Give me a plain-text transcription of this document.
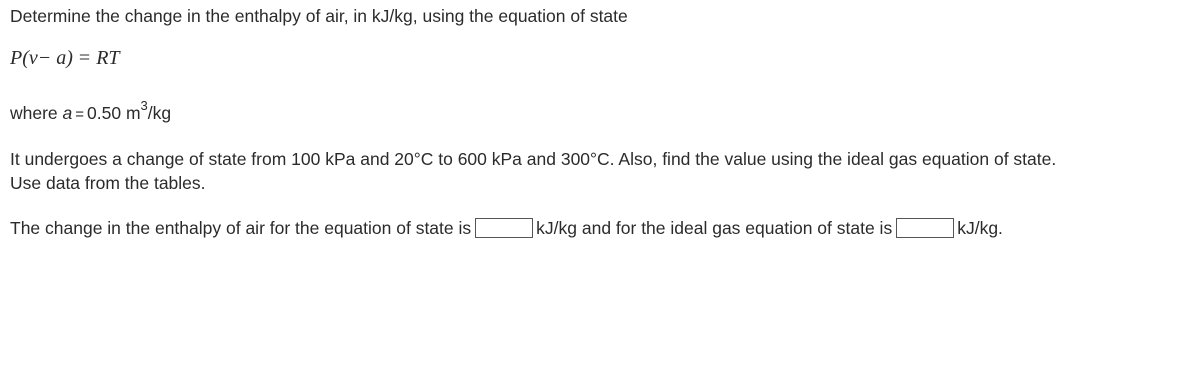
Determine the change in the enthalpy of air, in kJ/kg, using the equation of state
P(v− a) = RT
where a = 0.50 $m^3/kg$
It undergoes a change of state from 100 kPa and 20°C to 600 kPa and 300°C. Also, find the value using the ideal gas equation of state.
Use data from the tables.
The change in the enthalpy of air for the equation of state is	kJ/kg and for the ideal gas equation of state is	kJ/kg.
